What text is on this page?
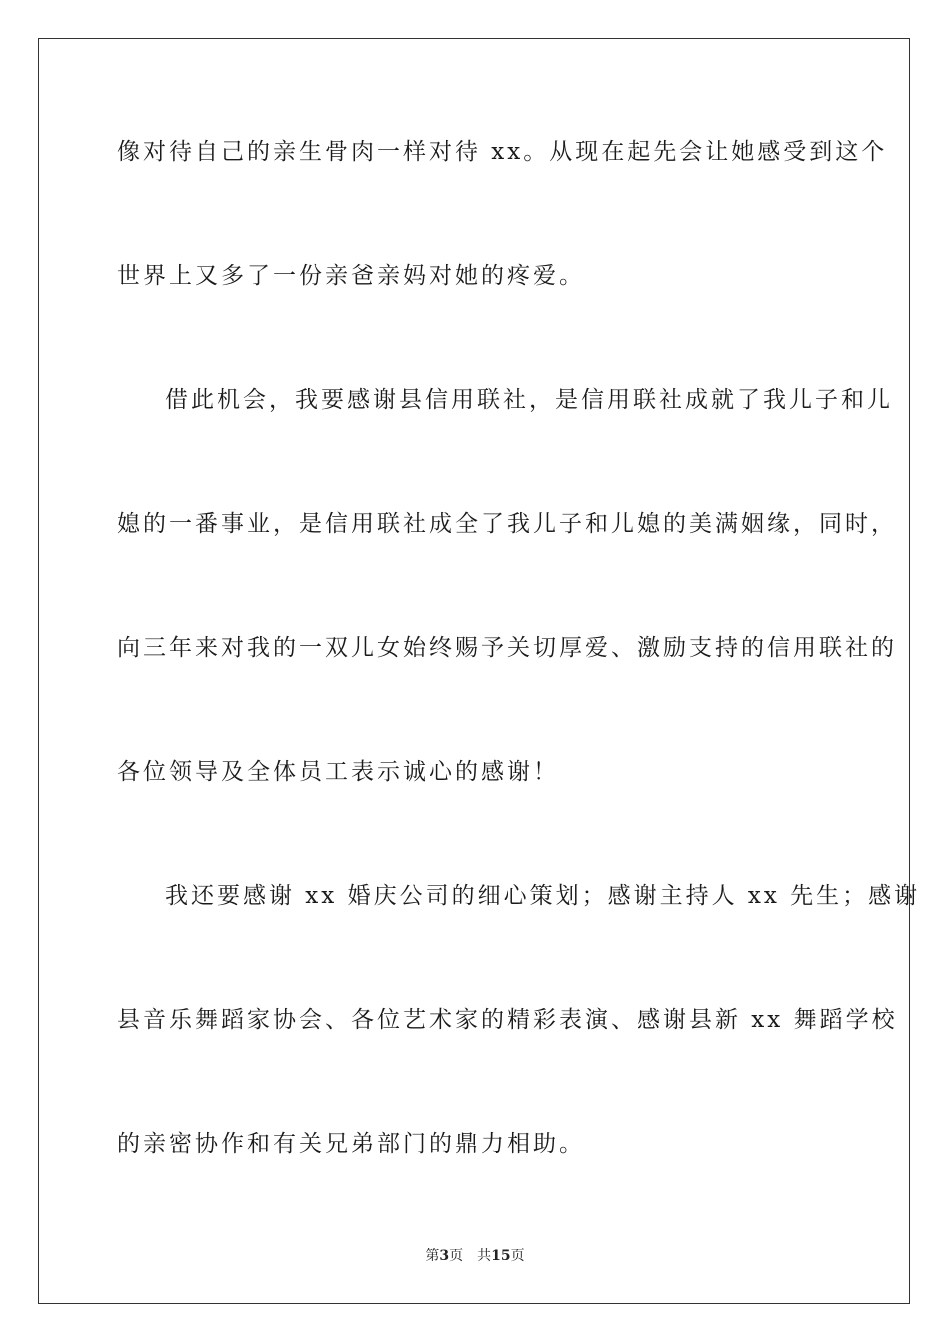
像对待自己的亲生骨肉一样对待 xx。从现在起先会让她感受到这个
世界上又多了一份亲爸亲妈对她的疼爱。
借此机会，我要感谢县信用联社，是信用联社成就了我儿子和儿
媳的一番事业，是信用联社成全了我儿子和儿媳的美满姻缘，同时，
向三年来对我的一双儿女始终赐予关切厚爱、激励支持的信用联社的
各位领导及全体员工表示诚心的感谢！
我还要感谢 xx 婚庆公司的细心策划；感谢主持人 xx 先生；感谢
县音乐舞蹈家协会、各位艺术家的精彩表演、感谢县新 xx 舞蹈学校
的亲密协作和有关兄弟部门的鼎力相助。
第3页 共15页
